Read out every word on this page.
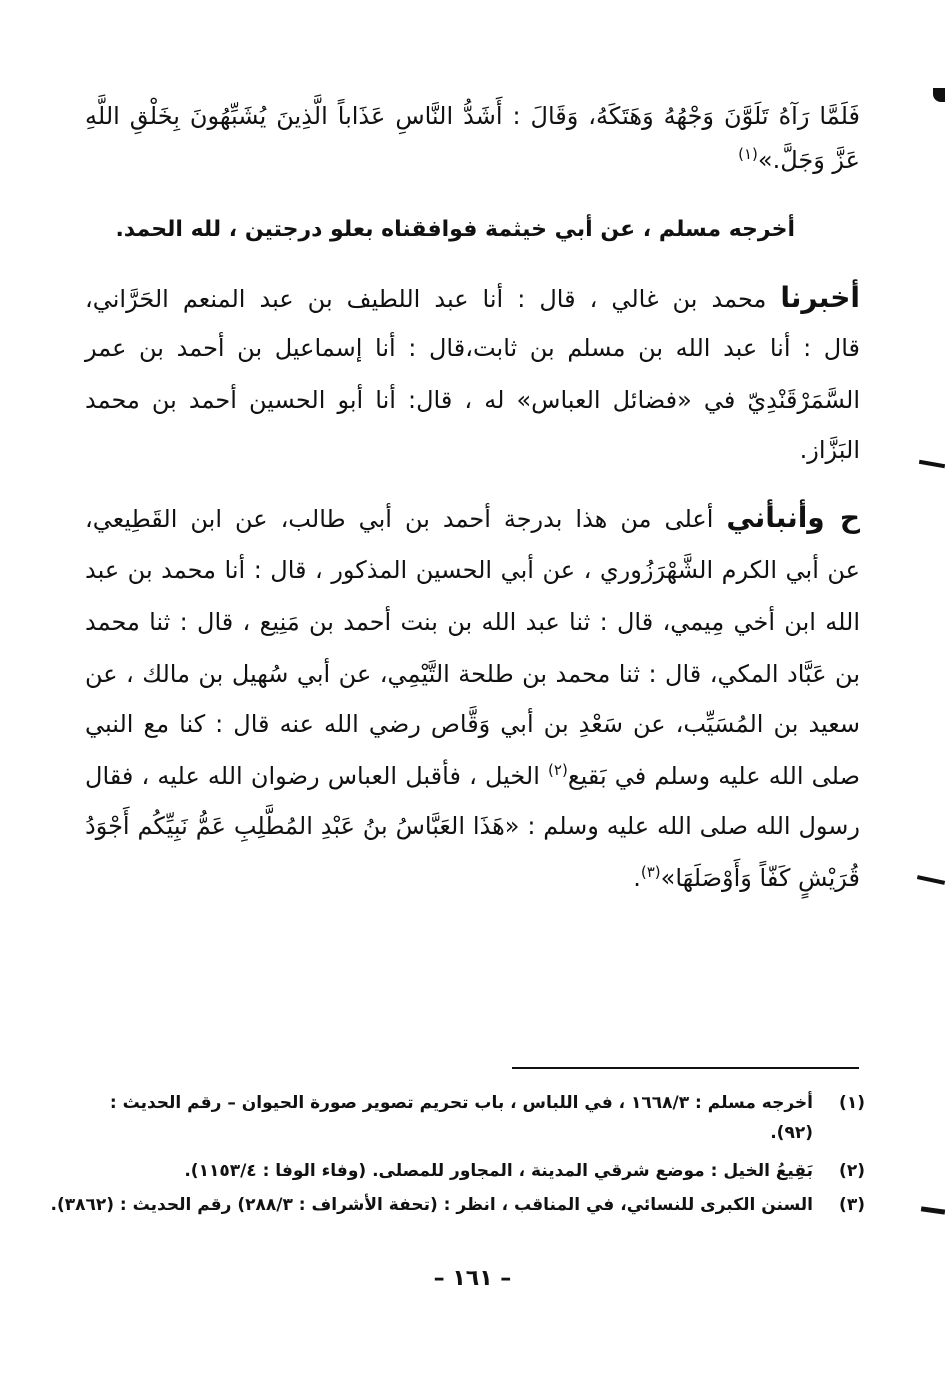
فَلَمَّا رَآهُ تَلَوَّنَ وَجْهُهُ وَهَتَكَهُ، وَقَالَ : أَشَدُّ النَّاسِ عَذَاباً الَّذِينَ يُشَبِّهُونَ بِخَلْقِ اللَّهِ
عَزَّ وَجَلَّ.»$^{(١)}$
أخرجه مسلم ، عن أبي خيثمة فوافقناه بعلو درجتين ، لله الحمد.
أخبرنا محمد بن غالي ، قال : أنا عبد اللطيف بن عبد المنعم الحَرَّاني،
قال : أنا عبد الله بن مسلم بن ثابت،قال : أنا إسماعيل بن أحمد بن عمر
السَّمَرْقَنْدِيّ في «فضائل العباس» له ، قال: أنا أبو الحسين أحمد بن محمد
البَزَّاز.
ح وأنبأني أعلى من هذا بدرجة أحمد بن أبي طالب، عن ابن القَطِيعي،
عن أبي الكرم الشَّهْرَزُوري ، عن أبي الحسين المذكور ، قال : أنا محمد بن عبد
الله ابن أخي مِيمي، قال : ثنا عبد الله بن بنت أحمد بن مَنِيع ، قال : ثنا محمد
بن عَبَّاد المكي، قال : ثنا محمد بن طلحة التَّيْمِي، عن أبي سُهيل بن مالك ، عن
سعيد بن المُسَيِّب، عن سَعْدِ بن أبي وَقَّاص رضي الله عنه قال : كنا مع النبي
صلى الله عليه وسلم في بَقيع$^{(٢)}$ الخيل ، فأقبل العباس رضوان الله عليه ، فقال
رسول الله صلى الله عليه وسلم : «هَذَا العَبَّاسُ بنُ عَبْدِ المُطَّلِبِ عَمُّ نَبِيِّكُم أَجْوَدُ
قُرَيْشٍ كَفّاً وَأَوْصَلَهَا»$^{(٣)}$.
(١)أخرجه مسلم : ١٦٦٨/٣ ، في اللباس ، باب تحريم تصوير صورة الحيوان – رقم الحديث :
(٩٢).
(٢)بَقِيعُ الخيل : موضع شرقي المدينة ، المجاور للمصلى. (وفاء الوفا : ١١٥٣/٤).
(٣)السنن الكبرى للنسائي، في المناقب ، انظر : (تحفة الأشراف : ٢٨٨/٣) رقم الحديث : (٣٨٦٢).
– ١٦١ –
